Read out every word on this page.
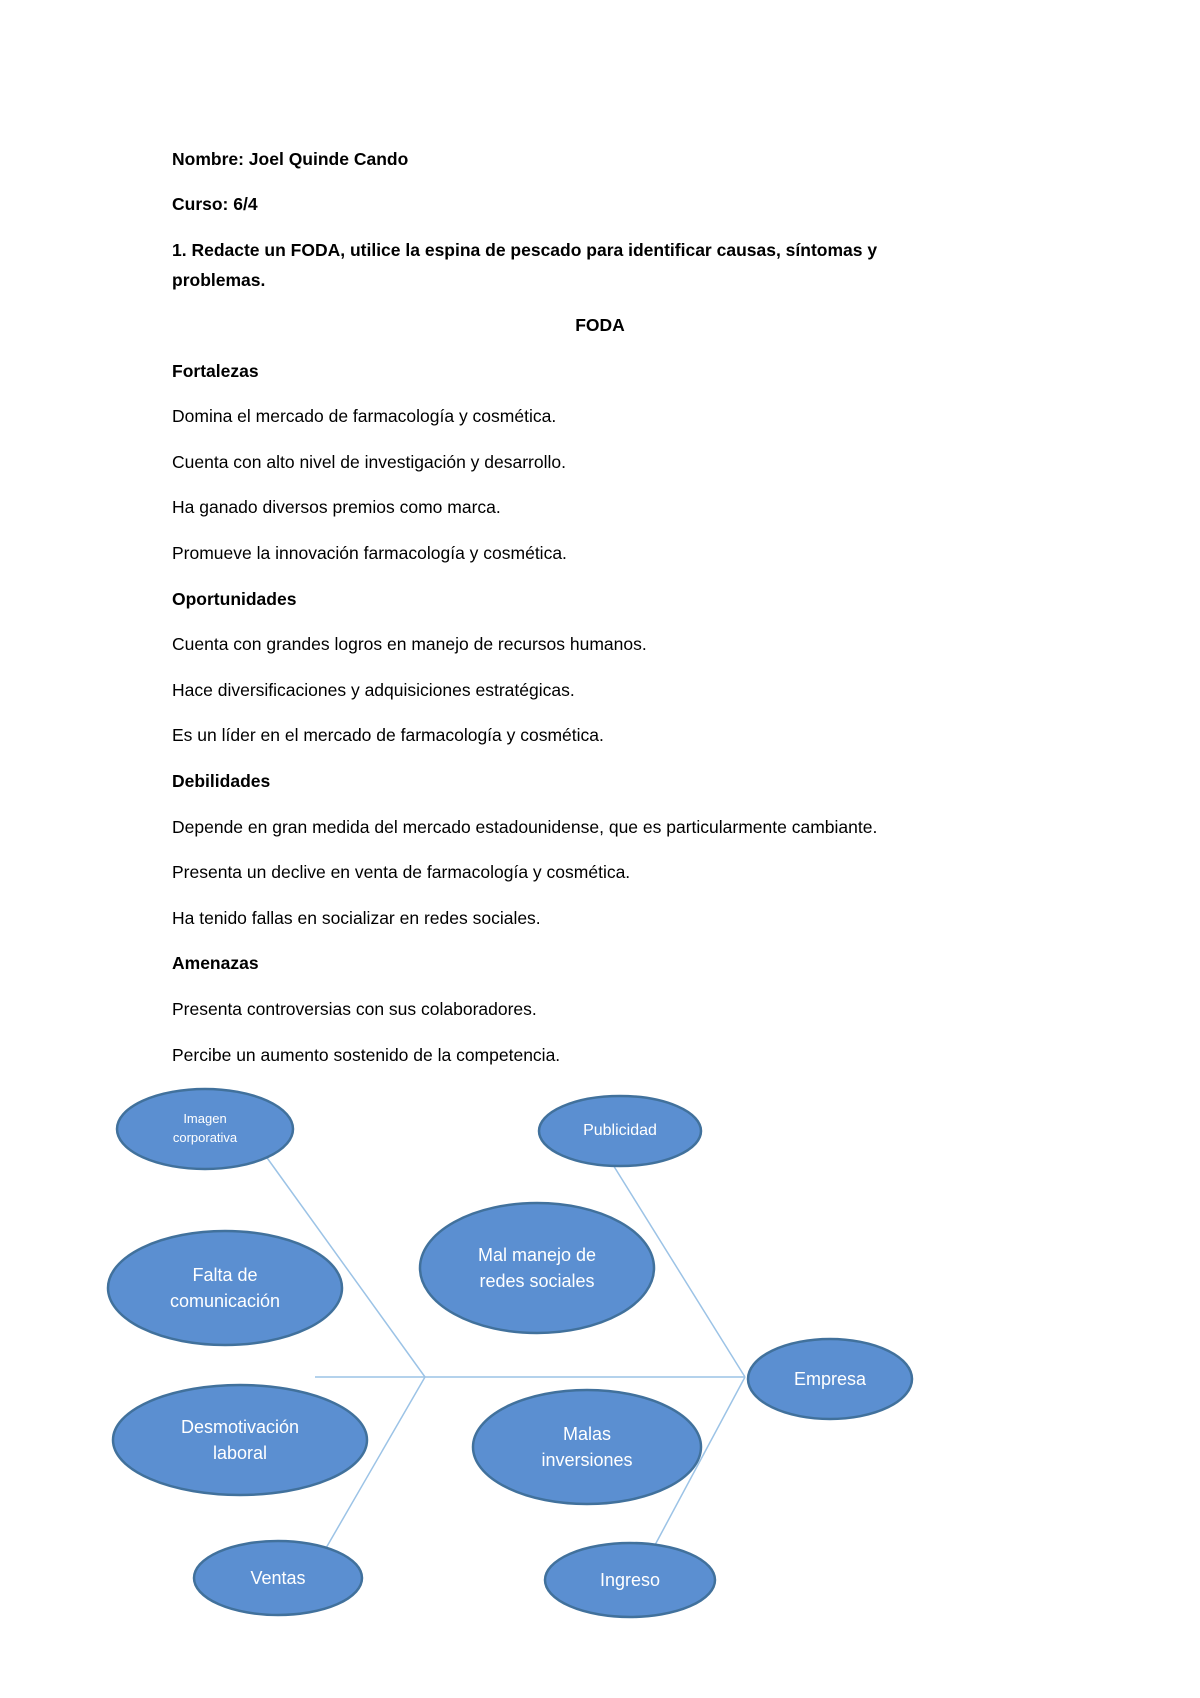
Nombre: Joel Quinde Cando
Curso: 6/4
1. Redacte un FODA, utilice la espina de pescado para identificar causas, síntomas y problemas.
FODA
Fortalezas
Domina el mercado de farmacología y cosmética.
Cuenta con alto nivel de investigación y desarrollo.
Ha ganado diversos premios como marca.
Promueve la innovación farmacología y cosmética.
Oportunidades
Cuenta con grandes logros en manejo de recursos humanos.
Hace diversificaciones y adquisiciones estratégicas.
Es un líder en el mercado de farmacología y cosmética.
Debilidades
Depende en gran medida del mercado estadounidense, que es particularmente cambiante.
Presenta un declive en venta de farmacología y cosmética.
Ha tenido fallas en socializar en redes sociales.
Amenazas
Presenta controversias con sus colaboradores.
Percibe un aumento sostenido de la competencia.
Imagen
corporativa
Falta de
comunicación
Desmotivación
laboral
Ventas
Publicidad
Mal manejo de
redes sociales
Malas
inversiones
Ingreso
Empresa
